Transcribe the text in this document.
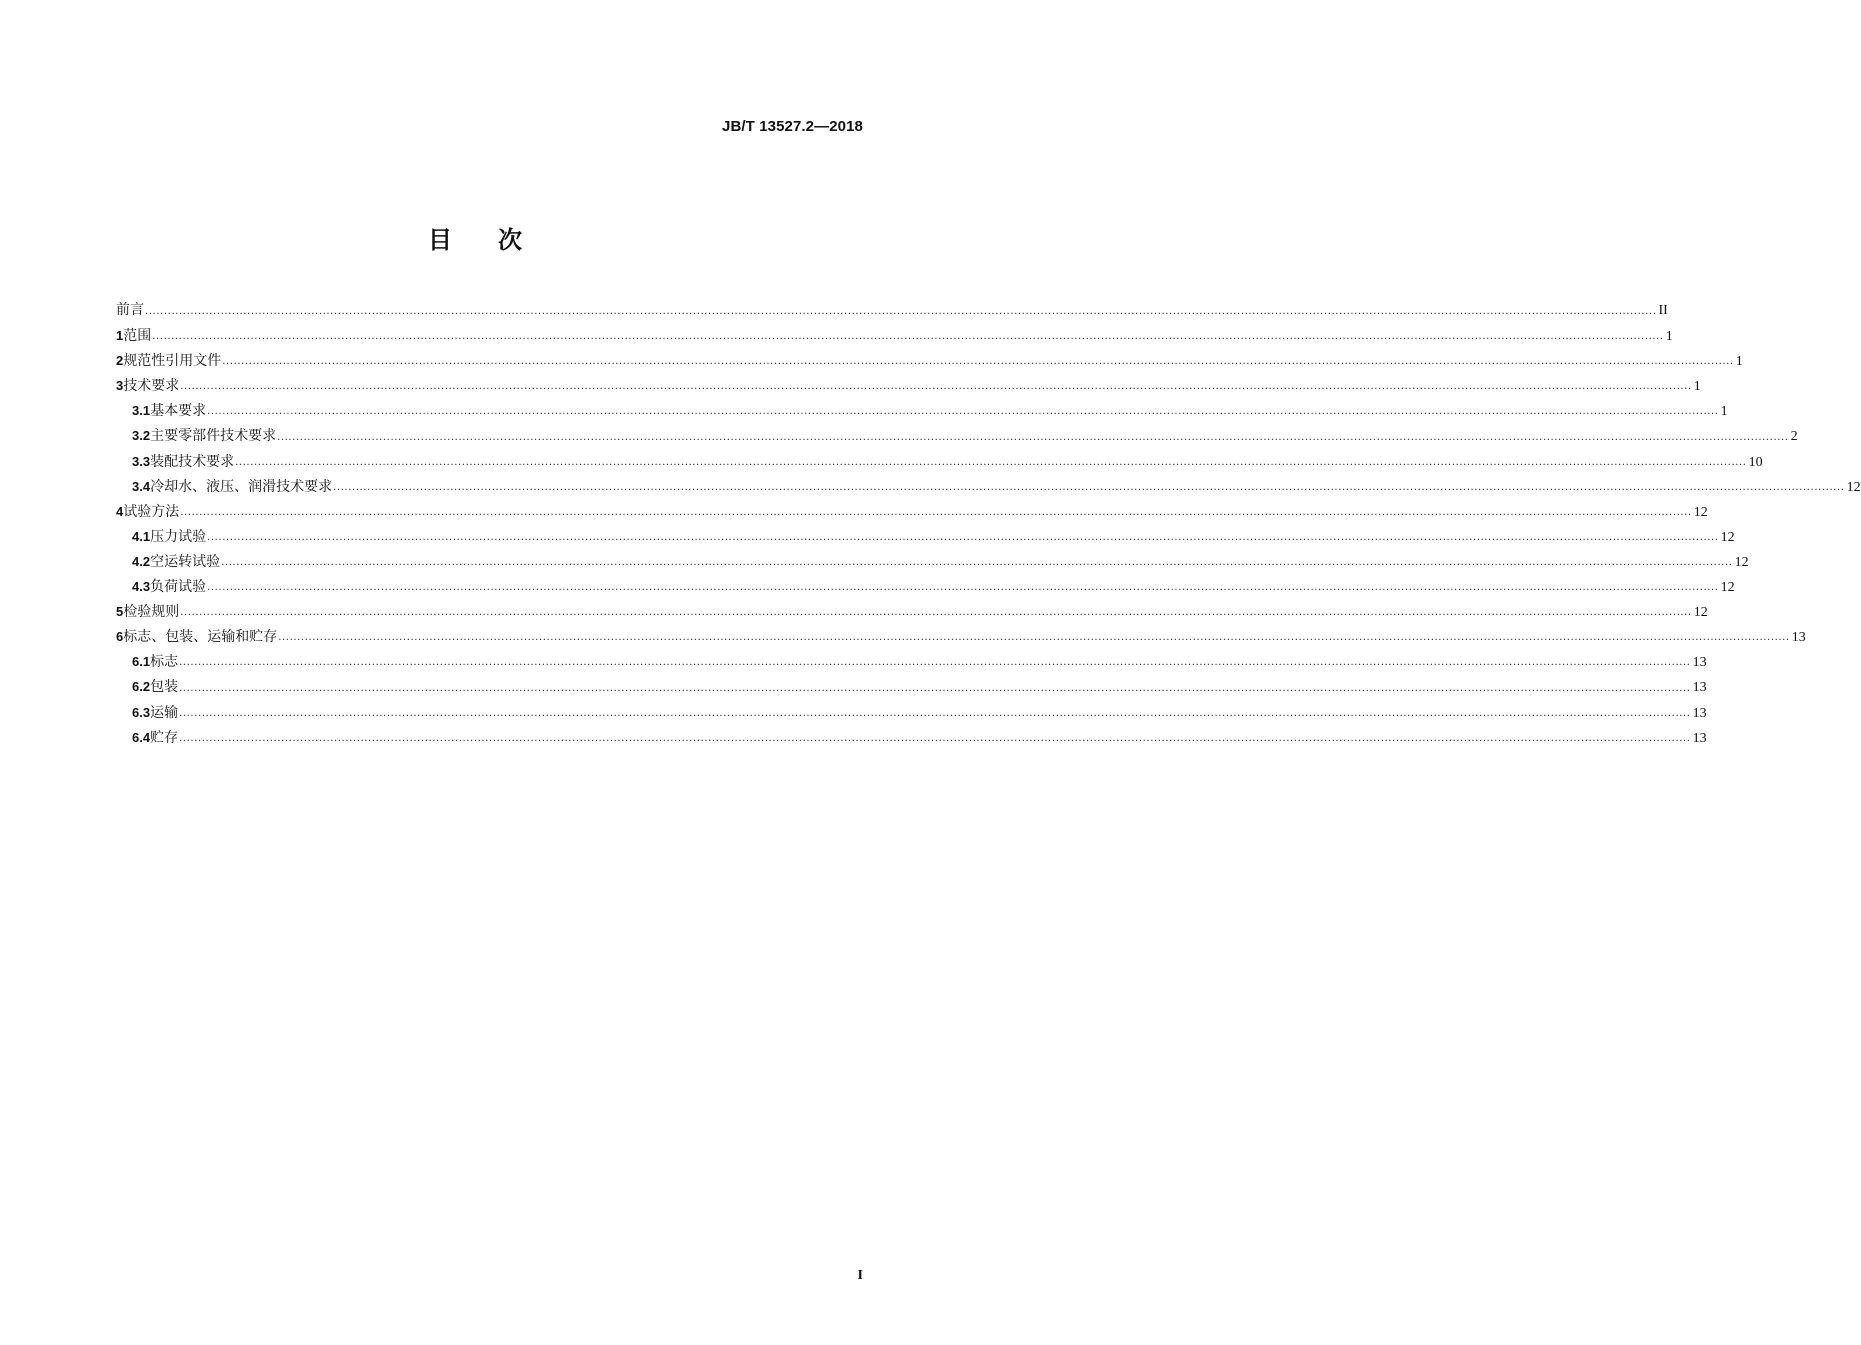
JB/T 13527.2—2018
目 次
前言 ................................................................................................................................................................................................................................................................................................................................................................................................................ II
1 范围 ................................................................................................................................................................................................................................................................................................................................................................................................................ 1
2 规范性引用文件 ................................................................................................................................................................................................................................................................................................................................................................................................................ 1
3 技术要求 ................................................................................................................................................................................................................................................................................................................................................................................................................ 1
3.1 基本要求 ................................................................................................................................................................................................................................................................................................................................................................................................................ 1
3.2 主要零部件技术要求 ................................................................................................................................................................................................................................................................................................................................................................................................................ 2
3.3 装配技术要求 ................................................................................................................................................................................................................................................................................................................................................................................................................ 10
3.4 冷却水、液压、润滑技术要求 ................................................................................................................................................................................................................................................................................................................................................................................................................ 12
4 试验方法 ................................................................................................................................................................................................................................................................................................................................................................................................................ 12
4.1 压力试验 ................................................................................................................................................................................................................................................................................................................................................................................................................ 12
4.2 空运转试验 ................................................................................................................................................................................................................................................................................................................................................................................................................ 12
4.3 负荷试验 ................................................................................................................................................................................................................................................................................................................................................................................................................ 12
5 检验规则 ................................................................................................................................................................................................................................................................................................................................................................................................................ 12
6 标志、包装、运输和贮存 ................................................................................................................................................................................................................................................................................................................................................................................................................ 13
6.1 标志 ................................................................................................................................................................................................................................................................................................................................................................................................................ 13
6.2 包装 ................................................................................................................................................................................................................................................................................................................................................................................................................ 13
6.3 运输 ................................................................................................................................................................................................................................................................................................................................................................................................................ 13
6.4 贮存 ................................................................................................................................................................................................................................................................................................................................................................................................................ 13
I
